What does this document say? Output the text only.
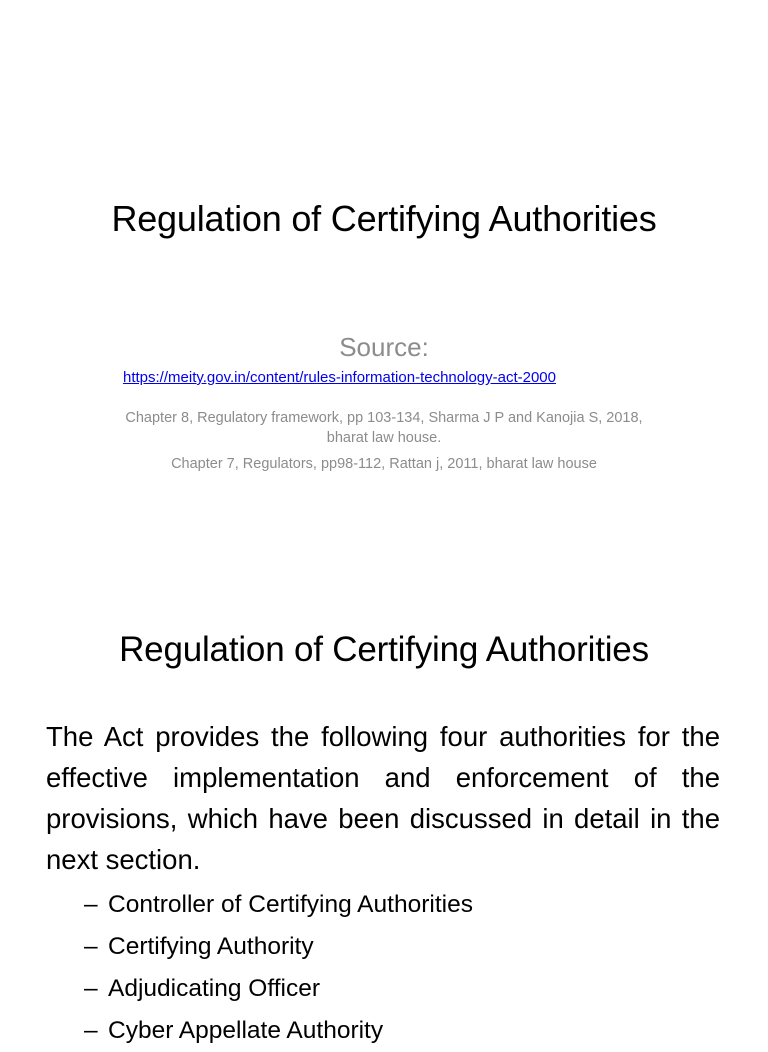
Regulation of Certifying Authorities
Source:
https://meity.gov.in/content/rules-information-technology-act-2000
Chapter 8, Regulatory framework, pp 103-134, Sharma J P and Kanojia S, 2018, bharat law house.
Chapter 7, Regulators, pp98-112, Rattan j, 2011, bharat law house
Regulation of Certifying Authorities
The Act provides the following four authorities for the effective implementation and enforcement of the provisions, which have been discussed in detail in the next section.
– Controller of Certifying Authorities
– Certifying Authority
– Adjudicating Officer
– Cyber Appellate Authority
